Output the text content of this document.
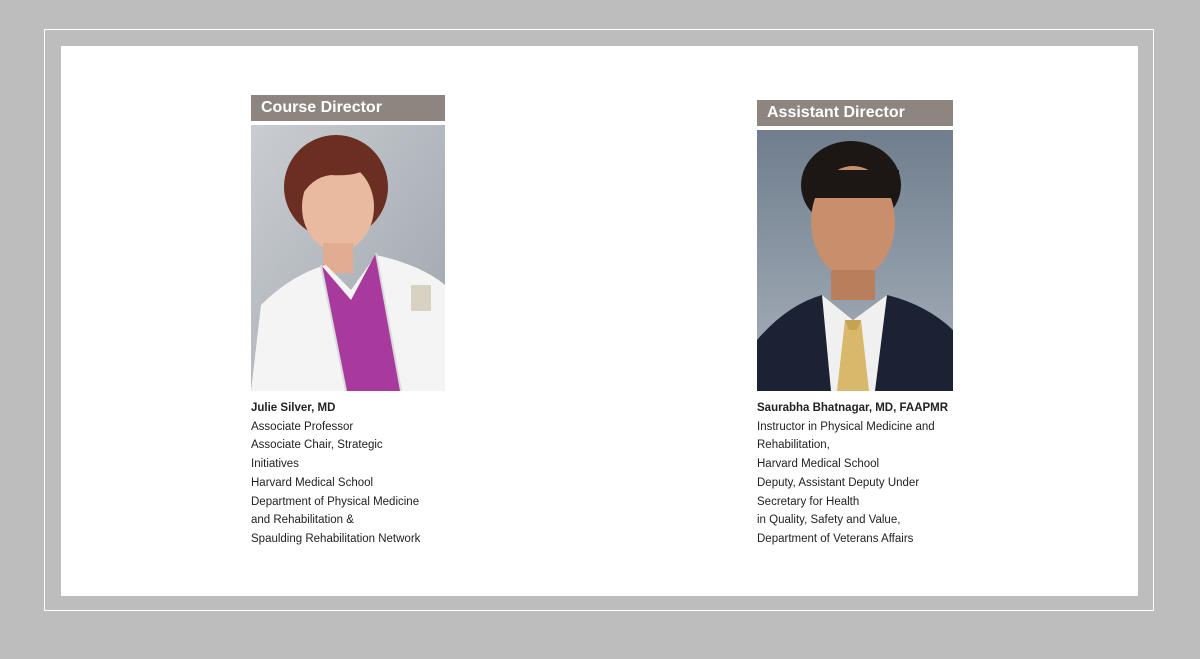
Course Director
Julie Silver, MD
Associate Professor
Associate Chair, Strategic
Initiatives
Harvard Medical School
Department of Physical Medicine
and Rehabilitation &
Spaulding Rehabilitation Network
Assistant Director
Saurabha Bhatnagar, MD, FAAPMR
Instructor in Physical Medicine and
Rehabilitation,
Harvard Medical School
Deputy, Assistant Deputy Under
Secretary for Health
in Quality, Safety and Value,
Department of Veterans Affairs
